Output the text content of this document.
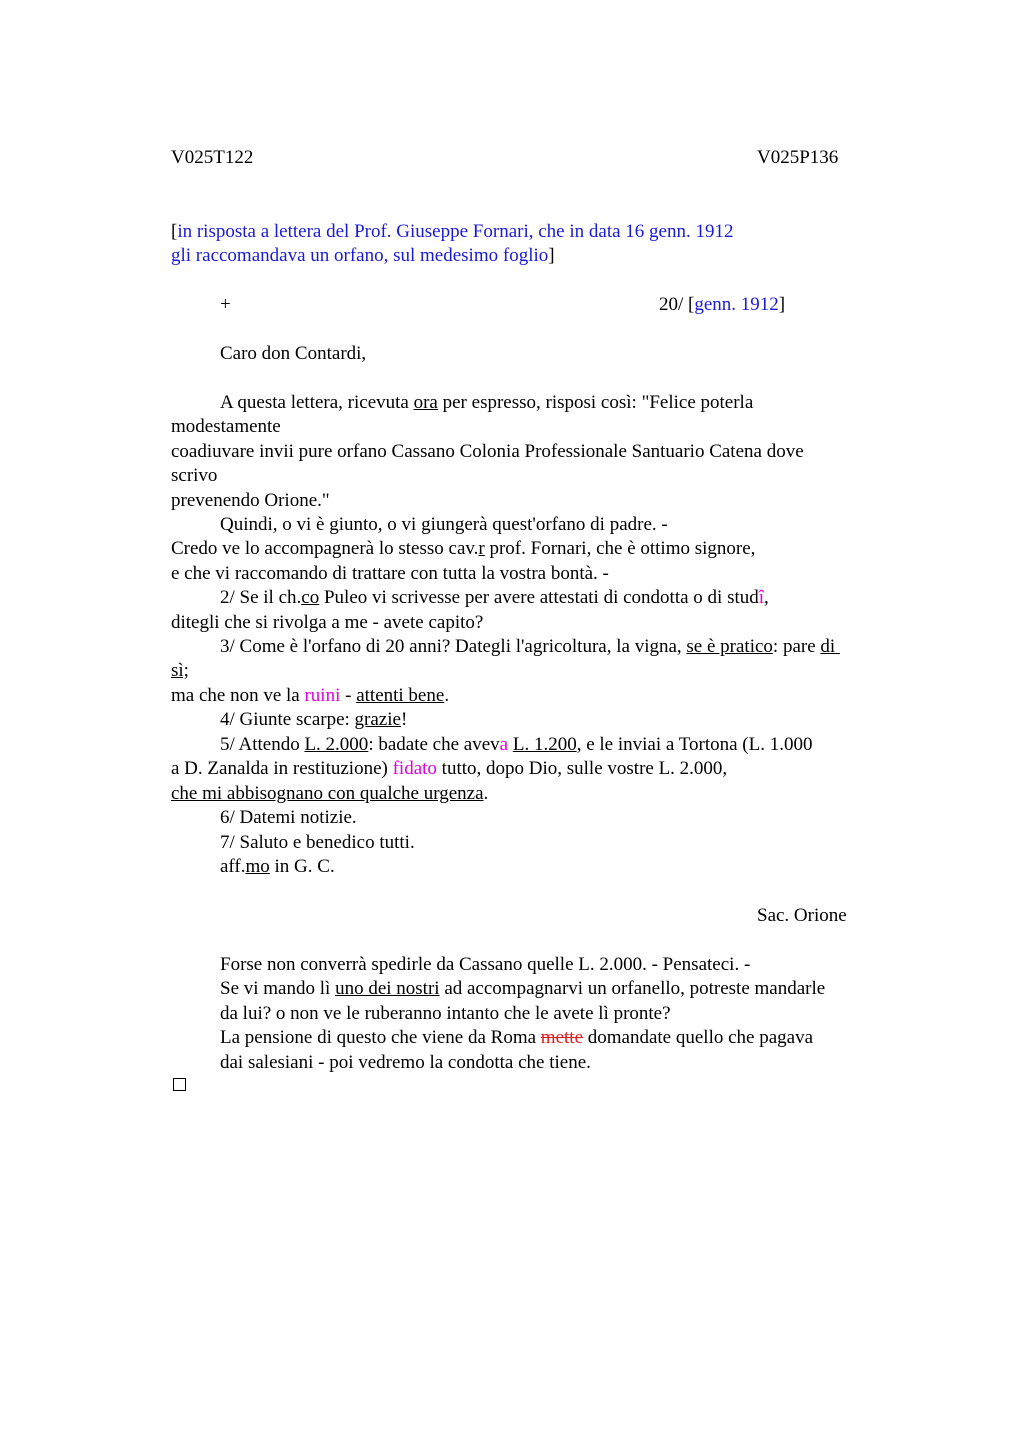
V025T122	V025P136
[in risposta a lettera del Prof. Giuseppe Fornari, che in data 16 genn. 1912
gli raccomandava un orfano, sul medesimo foglio]
+	20/ [genn. 1912]
Caro don Contardi,
A questa lettera, ricevuta ora per espresso, risposi così: "Felice poterla
modestamente
coadiuvare invii pure orfano Cassano Colonia Professionale Santuario Catena dove
scrivo
prevenendo Orione."
Quindi, o vi è giunto, o vi giungerà quest'orfano di padre. -
Credo ve lo accompagnerà lo stesso cav.r prof. Fornari, che è ottimo signore,
e che vi raccomando di trattare con tutta la vostra bontà. -
2/ Se il ch.co Puleo vi scrivesse per avere attestati di condotta o di studî,
ditegli che si rivolga a me - avete capito?
3/ Come è l'orfano di 20 anni? Dategli l'agricoltura, la vigna, se è pratico: pare di
sì;
ma che non ve la ruini - attenti bene.
4/ Giunte scarpe: grazie!
5/ Attendo L. 2.000: badate che aveva L. 1.200, e le inviai a Tortona (L. 1.000
a D. Zanalda in restituzione) fidato tutto, dopo Dio, sulle vostre L. 2.000,
che mi abbisognano con qualche urgenza.
6/ Datemi notizie.
7/ Saluto e benedico tutti.
aff.mo in G. C.
Sac. Orione
Forse non converrà spedirle da Cassano quelle L. 2.000. - Pensateci. -
Se vi mando lì uno dei nostri ad accompagnarvi un orfanello, potreste mandarle
da lui? o non ve le ruberanno intanto che le avete lì pronte?
La pensione di questo che viene da Roma mette domandate quello che pagava
dai salesiani - poi vedremo la condotta che tiene.
